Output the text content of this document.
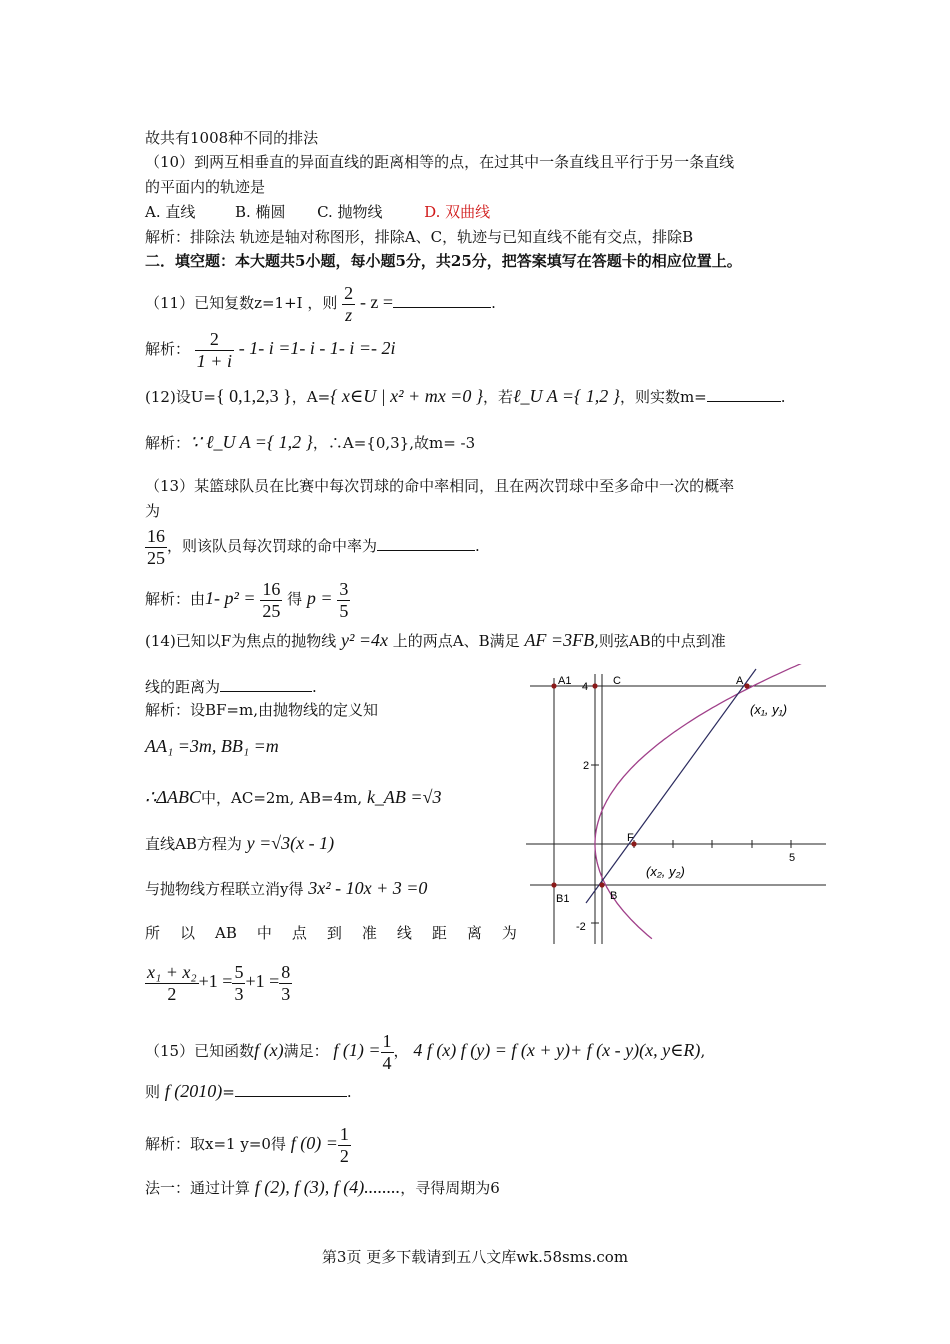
故共有1008种不同的排法
（10）到两互相垂直的异面直线的距离相等的点，在过其中一条直线且平行于另一条直线
的平面内的轨迹是
A. 直线	B. 椭圆 C. 抛物线	D. 双曲线
解析：排除法 轨迹是轴对称图形，排除A、C，轨迹与已知直线不能有交点，排除B
二．填空题：本大题共5小题，每小题5分，共25分，把答案填写在答题卡的相应位置上。
（11）已知复数z=1+I ，则 $\frac{2}{z}$ - z =	.
解析： $\frac{2}{1 + i} - 1-$ i =1- i - 1- i =- 2i
(12)设U={ 0,1,2,3 }，A={ x∈U | x² + mx =0 }，若ℓ_U A ={ 1,2 }，则实数m=	.
解析：∵ ℓ_U A ={ 1,2 }，∴A={0,3},故m= -3
（13）某篮球队员在比赛中每次罚球的命中率相同，且在两次罚球中至多命中一次的概率
为
$\frac{16}{25}$ ，则该队员每次罚球的命中率为	.
解析：由1- $p^2 = \frac{16}{25}$ 得 $p = \frac{3}{5}$
(14)已知以F为焦点的抛物线 y² =4x 上的两点A、B满足 AF =3FB,则弦AB的中点到准
线的距离为	.
解析：设BF=m,由抛物线的定义知
AA₁ =3m, BB₁ =m
∴ΔABC中，AC=2m, AB=4m, k_AB =√3
直线AB方程为 y =√3(x - 1)
与抛物线方程联立消y得 3x² - 10x + 3 =0
所 以 AB 中 点 到 准 线 距 离 为
$\frac{\text{x₁ + x₂}}{2} +1 = \frac{5}{3} +1 = \frac{8}{3}$
A1	C	A
(x₁, y₁)
B1	B
F
(x₂, y₂)
4
2
-2
5
（15）已知函数f (x)满足： f $(1) = \frac{1}{4}$ ， 4 f (x) f (y) = f (x + y)+ f (x - y)(x, y∈R),
则 f (2010)=	.
解析：取x=1 y=0得 f $(0) = \frac{1}{2}$
法一：通过计算 f (2), f (3), f (4)........，寻得周期为6
第3页 更多下载请到五八文库wk.58sms.com
